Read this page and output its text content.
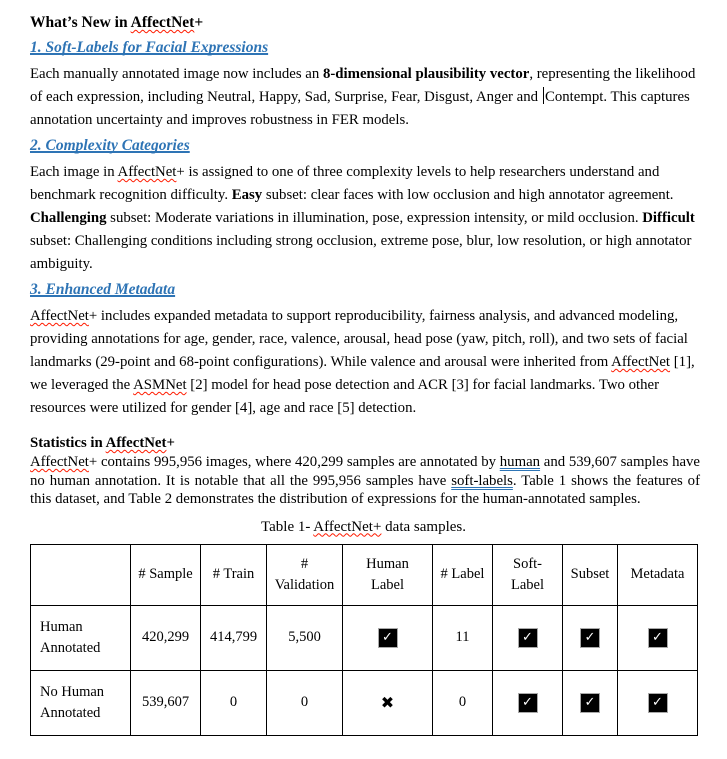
What’s New in AffectNet+
1. Soft-Labels for Facial Expressions
Each manually annotated image now includes an 8-dimensional plausibility vector, representing the likelihood of each expression, including Neutral, Happy, Sad, Surprise, Fear, Disgust, Anger and Contempt. This captures annotation uncertainty and improves robustness in FER models.
2. Complexity Categories
Each image in AffectNet+ is assigned to one of three complexity levels to help researchers understand and benchmark recognition difficulty. Easy subset: clear faces with low occlusion and high annotator agreement. Challenging subset: Moderate variations in illumination, pose, expression intensity, or mild occlusion. Difficult subset: Challenging conditions including strong occlusion, extreme pose, blur, low resolution, or high annotator ambiguity.
3. Enhanced Metadata
AffectNet+ includes expanded metadata to support reproducibility, fairness analysis, and advanced modeling, providing annotations for age, gender, race, valence, arousal, head pose (yaw, pitch, roll), and two sets of facial landmarks (29-point and 68-point configurations). While valence and arousal were inherited from AffectNet [1], we leveraged the ASMNet [2] model for head pose detection and ACR [3] for facial landmarks. Two other resources were utilized for gender [4], age and race [5] detection.
Statistics in AffectNet+
AffectNet+ contains 995,956 images, where 420,299 samples are annotated by human and 539,607 samples have no human annotation. It is notable that all the 995,956 samples have soft-labels. Table 1 shows the features of this dataset, and Table 2 demonstrates the distribution of expressions for the human-annotated samples.
Table 1- AffectNet+ data samples.
	# Sample	# Train	# Validation	Human Label	# Label	Soft-Label	Subset	Metadata
Human Annotated	420,299	414,799	5,500	✓	11	✓	✓	✓
No Human Annotated	539,607	0	0	✖	0	✓	✓	✓
